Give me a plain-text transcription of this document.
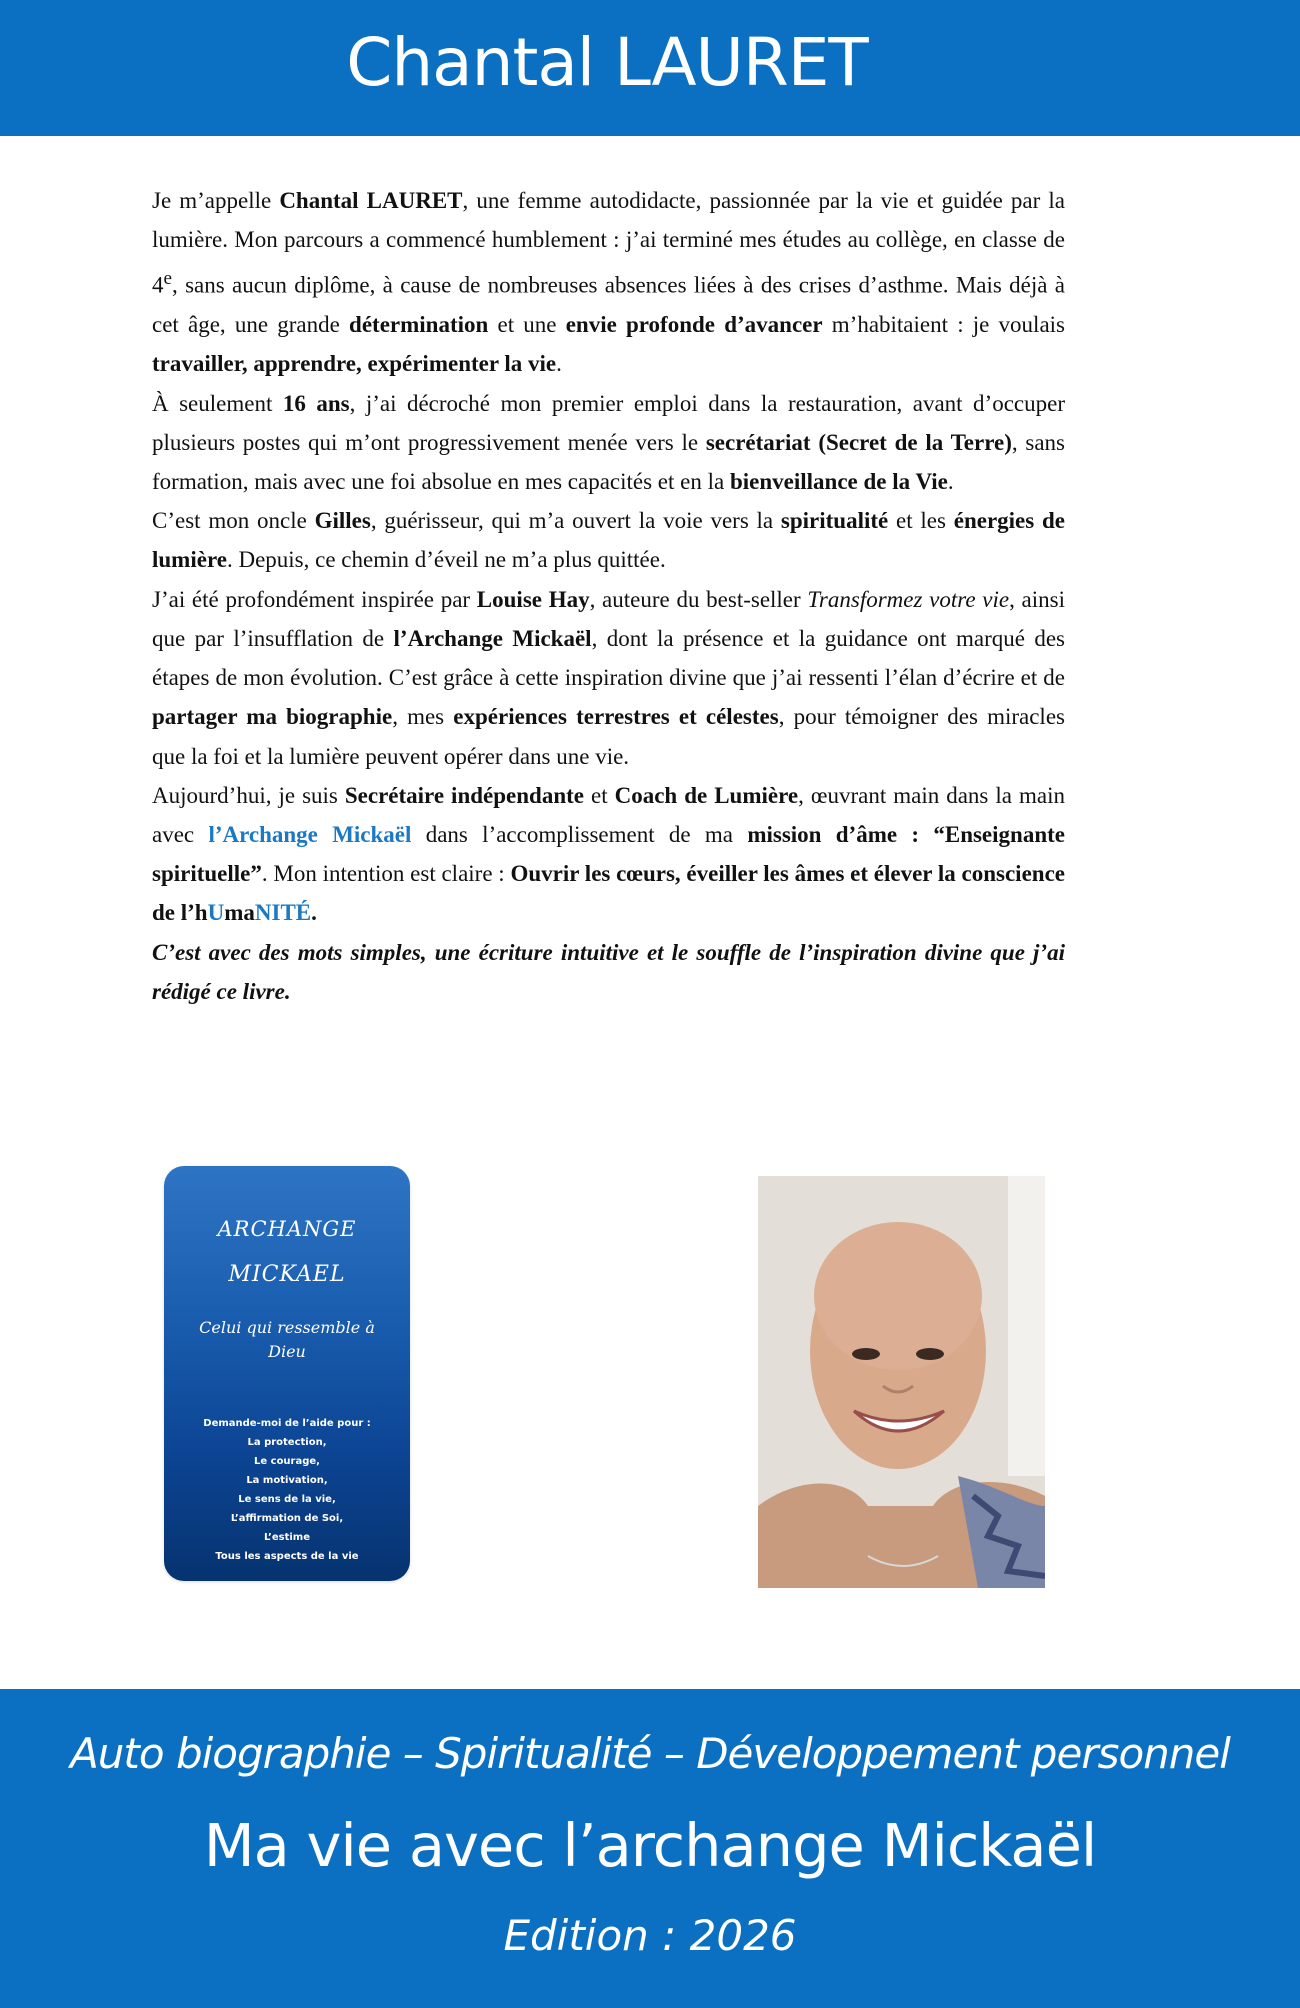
Chantal LAURET

Je m’appelle Chantal LAURET, une femme autodidacte, passionnée par la vie et guidée par la lumière. Mon parcours a commencé humblement : j’ai terminé mes études au collège, en classe de 4e, sans aucun diplôme, à cause de nombreuses absences liées à des crises d’asthme. Mais déjà à cet âge, une grande détermination et une envie profonde d’avancer m’habitaient : je voulais travailler, apprendre, expérimenter la vie.

À seulement 16 ans, j’ai décroché mon premier emploi dans la restauration, avant d’occuper plusieurs postes qui m’ont progressivement menée vers le secrétariat (Secret de la Terre), sans formation, mais avec une foi absolue en mes capacités et en la bienveillance de la Vie.

C’est mon oncle Gilles, guérisseur, qui m’a ouvert la voie vers la spiritualité et les énergies de lumière. Depuis, ce chemin d’éveil ne m’a plus quittée.

J’ai été profondément inspirée par Louise Hay, auteure du best-seller Transformez votre vie, ainsi que par l’insufflation de l’Archange Mickaël, dont la présence et la guidance ont marqué des étapes de mon évolution. C’est grâce à cette inspiration divine que j’ai ressenti l’élan d’écrire et de partager ma biographie, mes expériences terrestres et célestes, pour témoigner des miracles que la foi et la lumière peuvent opérer dans une vie.

Aujourd’hui, je suis Secrétaire indépendante et Coach de Lumière, œuvrant main dans la main avec l’Archange Mickaël dans l’accomplissement de ma mission d’âme : “Enseignante spirituelle”. Mon intention est claire : Ouvrir les cœurs, éveiller les âmes et élever la conscience de l’hUmaNITÉ.

C’est avec des mots simples, une écriture intuitive et le souffle de l’inspiration divine que j’ai rédigé ce livre.

ARCHANGE
MICKAEL
Celui qui ressemble à Dieu
Demande-moi de l’aide pour :
La protection,
Le courage,
La motivation,
Le sens de la vie,
L’affirmation de Soi,
L’estime
Tous les aspects de la vie
Auto biographie – Spiritualité – Développement personnel
Ma vie avec l’archange Mickaël
Edition : 2026
